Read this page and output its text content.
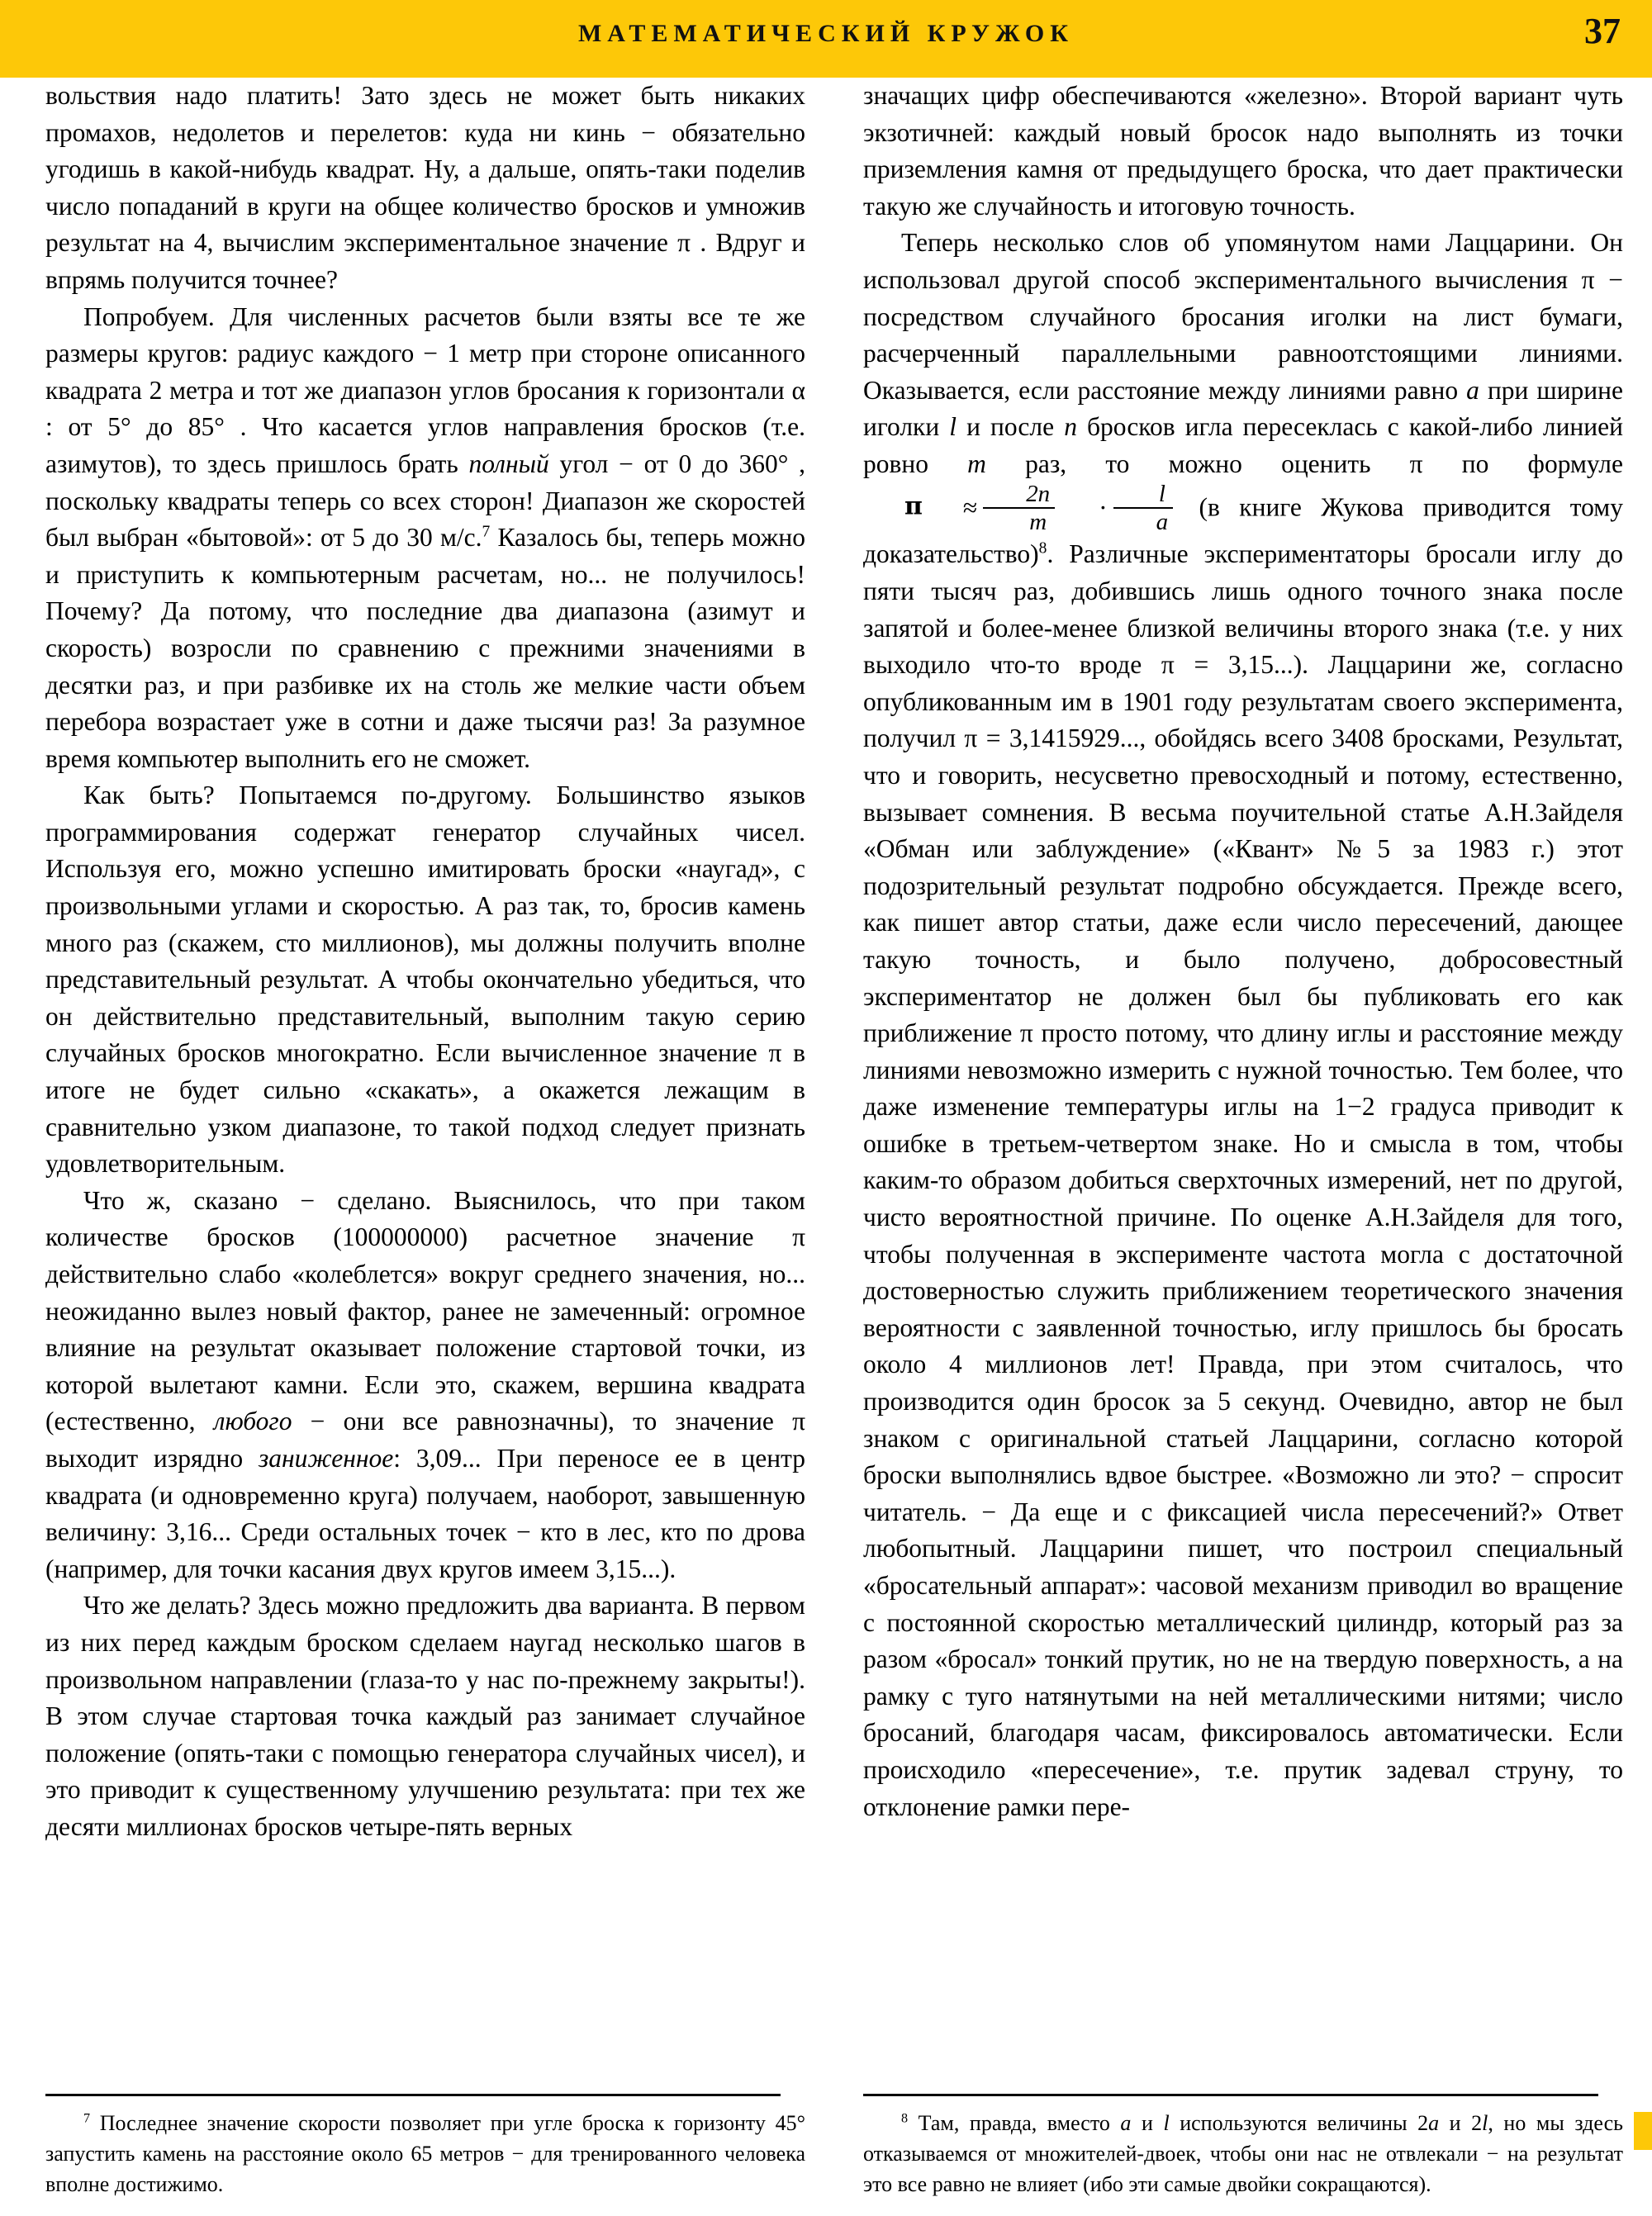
МАТЕМАТИЧЕСКИЙ КРУЖОК	37

вольствия надо платить! Зато здесь не может быть никаких промахов, недолетов и перелетов: куда ни кинь − обязательно угодишь в какой-нибудь квадрат. Ну, а дальше, опять-таки поделив число попаданий в круги на общее количество бросков и умножив результат на 4, вычислим экспериментальное значение π . Вдруг и впрямь получится точнее?

Попробуем. Для численных расчетов были взяты все те же размеры кругов: радиус каждого − 1 метр при стороне описанного квадрата 2 метра и тот же диапазон углов бросания к горизонтали α : от 5° до 85° . Что касается углов направления бросков (т.е. азимутов), то здесь пришлось брать полный угол − от 0 до 360° , поскольку квадраты теперь со всех сторон! Диапазон же скоростей был выбран «бытовой»: от 5 до 30 м/с.$^7$ Казалось бы, теперь можно и приступить к компьютерным расчетам, но... не получилось! Почему? Да потому, что последние два диапазона (азимут и скорость) возросли по сравнению с прежними значениями в десятки раз, и при разбивке их на столь же мелкие части объем перебора возрастает уже в сотни и даже тысячи раз! За разумное время компьютер выполнить его не сможет.

Как быть? Попытаемся по-другому. Большинство языков программирования содержат генератор случайных чисел. Используя его, можно успешно имитировать броски «наугад», с произвольными углами и скоростью. А раз так, то, бросив камень много раз (скажем, сто миллионов), мы должны получить вполне представительный результат. А чтобы окончательно убедиться, что он действительно представительный, выполним такую серию случайных бросков многократно. Если вычисленное значение π в итоге не будет сильно «скакать», а окажется лежащим в сравнительно узком диапазоне, то такой подход следует признать удовлетворительным.

Что ж, сказано − сделано. Выяснилось, что при таком количестве бросков (100000000) расчетное значение π действительно слабо «колеблется» вокруг среднего значения, но... неожиданно вылез новый фактор, ранее не замеченный: огромное влияние на результат оказывает положение стартовой точки, из которой вылетают камни. Если это, скажем, вершина квадрата (естественно, любого − они все равнозначны), то значение π выходит изрядно заниженное: 3,09... При переносе ее в центр квадрата (и одновременно круга) получаем, наоборот, завышенную величину: 3,16... Среди остальных точек − кто в лес, кто по дрова (например, для точки касания двух кругов имеем 3,15...).

Что же делать? Здесь можно предложить два варианта. В первом из них перед каждым броском сделаем наугад несколько шагов в произвольном направлении (глаза-то у нас по-прежнему закрыты!). В этом случае стартовая точка каждый раз занимает случайное положение (опять-таки с помощью генератора случайных чисел), и это приводит к существенному улучшению результата: при тех же десяти миллионах бросков четыре-пять верных

$^7$ Последнее значение скорости позволяет при угле броска к горизонту 45° запустить камень на расстояние около 65 метров − для тренированного человека вполне достижимо.

значащих цифр обеспечиваются «железно». Второй вариант чуть экзотичней: каждый новый бросок надо выполнять из точки приземления камня от предыдущего броска, что дает практически такую же случайность и итоговую точность.

Теперь несколько слов об упомянутом нами Лаццарини. Он использовал другой способ экспериментального вычисления π − посредством случайного бросания иголки на лист бумаги, расчерченный параллельными равноотстоящими линиями. Оказывается, если расстояние между линиями равно a при ширине иголки l и после n бросков игла пересеклась с какой-либо линией ровно m раз, то можно оценить π по формуле $\pi \approx \frac{2n}{m} \cdot \frac{l}{a} (в$ книге Жукова приводится тому доказательство)$^8$. Различные экспериментаторы бросали иглу до пяти тысяч раз, добившись лишь одного точного знака после запятой и более-менее близкой величины второго знака (т.е. у них выходило что-то вроде π = 3,15...). Лаццарини же, согласно опубликованным им в 1901 году результатам своего эксперимента, получил π = 3,1415929..., обойдясь всего 3408 бросками, Результат, что и говорить, несусветно превосходный и потому, естественно, вызывает сомнения. В весьма поучительной статье А.Н.Зайделя «Обман или заблуждение» («Квант» №5 за 1983 г.) этот подозрительный результат подробно обсуждается. Прежде всего, как пишет автор статьи, даже если число пересечений, дающее такую точность, и было получено, добросовестный экспериментатор не должен был бы публиковать его как приближение π просто потому, что длину иглы и расстояние между линиями невозможно измерить с нужной точностью. Тем более, что даже изменение температуры иглы на 1−2 градуса приводит к ошибке в третьем-четвертом знаке. Но и смысла в том, чтобы каким-то образом добиться сверхточных измерений, нет по другой, чисто вероятностной причине. По оценке А.Н.Зайделя для того, чтобы полученная в эксперименте частота могла с достаточной достоверностью служить приближением теоретического значения вероятности с заявленной точностью, иглу пришлось бы бросать около 4 миллионов лет! Правда, при этом считалось, что производится один бросок за 5 секунд. Очевидно, автор не был знаком с оригинальной статьей Лаццарини, согласно которой броски выполнялись вдвое быстрее. «Возможно ли это? − спросит читатель. − Да еще и с фиксацией числа пересечений?» Ответ любопытный. Лаццарини пишет, что построил специальный «бросательный аппарат»: часовой механизм приводил во вращение с постоянной скоростью металлический цилиндр, который раз за разом «бросал» тонкий прутик, но не на твердую поверхность, а на рамку с туго натянутыми на ней металлическими нитями; число бросаний, благодаря часам, фиксировалось автоматически. Если происходило «пересечение», т.е. прутик задевал струну, то отклонение рамки пере-

$^8$ Там, правда, вместо a и l используются величины 2a и 2l, но мы здесь отказываемся от множителей-двоек, чтобы они нас не отвлекали − на результат это все равно не влияет (ибо эти самые двойки сокращаются).
